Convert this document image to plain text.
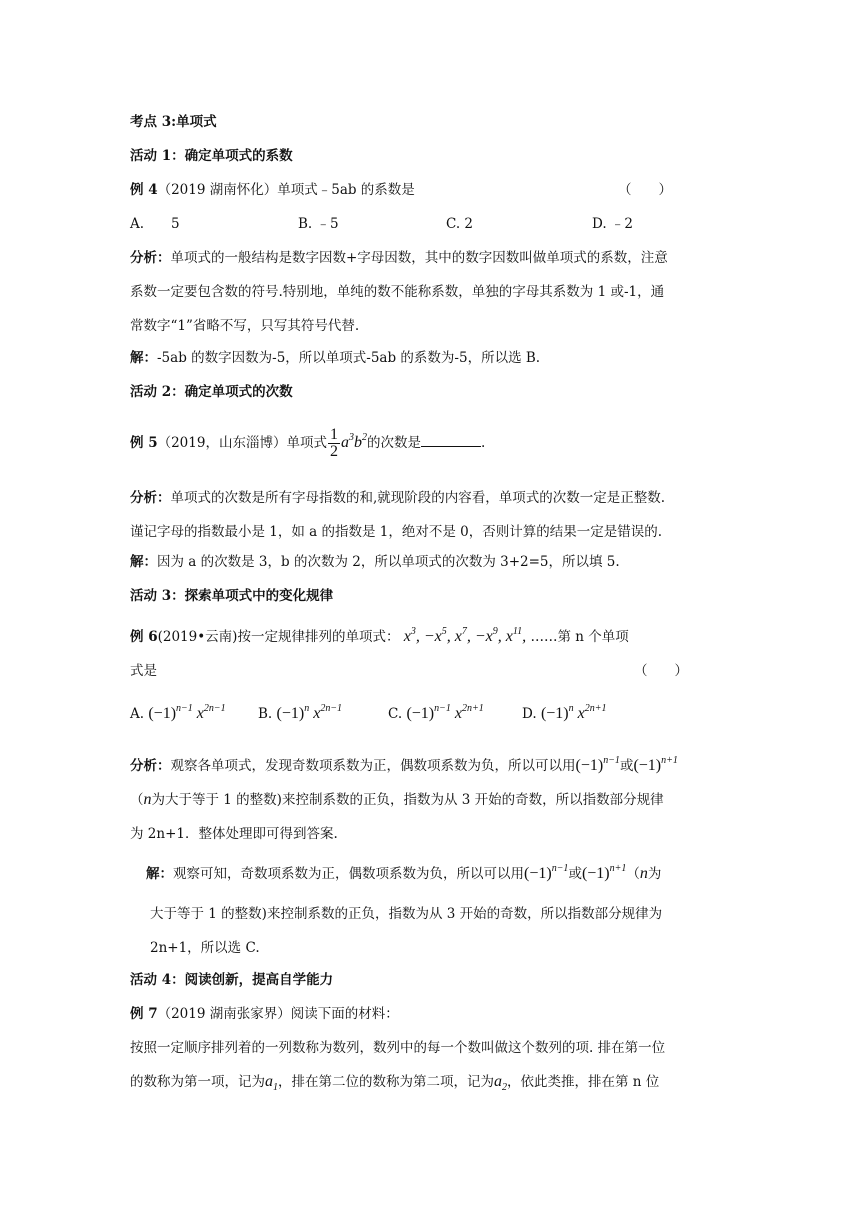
考点 3:单项式
活动 1：确定单项式的系数
例 4（2019 湖南怀化）单项式﹣5ab 的系数是	（　　）
A.　　5	B. ﹣5	C. 2	D. ﹣2
分析：单项式的一般结构是数字因数+字母因数，其中的数字因数叫做单项式的系数，注意
系数一定要包含数的符号.特别地，单纯的数不能称系数，单独的字母其系数为 1 或-1，通
常数字“1”省略不写，只写其符号代替.
解：-5ab 的数字因数为-5，所以单项式-5ab 的系数为-5，所以选 B.
活动 2：确定单项式的次数
例 5（2019，山东淄博）单项式 $\frac{1}{2} a^3b^2$的次数是	.
分析：单项式的次数是所有字母指数的和,就现阶段的内容看，单项式的次数一定是正整数.
谨记字母的指数最小是 1，如 a 的指数是 1，绝对不是 0，否则计算的结果一定是错误的.
解：因为 a 的次数是 3，b 的次数为 2，所以单项式的次数为 3+2=5，所以填 5.
活动 3：探索单项式中的变化规律
例 6(2019•云南)按一定规律排列的单项式： $x^3$, $-x^5$, $x^7$, $-x^9$, $x^{11}$, ……第 n 个单项
式是	（　　）
A. $(-1)^{n-1}$ $x^{2n-1}$ B. $(-1)^n$ $x^{2n-1}$	C. $(-1)^{n-1}$ $x^{2n+1}$	D. $(-1)^n$ $x^{2n+1}$
分析：观察各单项式，发现奇数项系数为正，偶数项系数为负，所以可以用$(-1)^{n-1}$或$(-1)^{n+1}$
（n为大于等于 1 的整数)来控制系数的正负，指数为从 3 开始的奇数，所以指数部分规律
为 2n+1．整体处理即可得到答案.
解：观察可知，奇数项系数为正，偶数项系数为负，所以可以用$(-1)^{n-1}$或$(-1)^{n+1}(n$为
大于等于 1 的整数)来控制系数的正负，指数为从 3 开始的奇数，所以指数部分规律为
2n+1，所以选 C.
活动 4：阅读创新，提高自学能力
例 7（2019 湖南张家界）阅读下面的材料：
按照一定顺序排列着的一列数称为数列，数列中的每一个数叫做这个数列的项. 排在第一位
的数称为第一项，记为$a_1$，排在第二位的数称为第二项，记为$a_2$，依此类推，排在第 n 位
